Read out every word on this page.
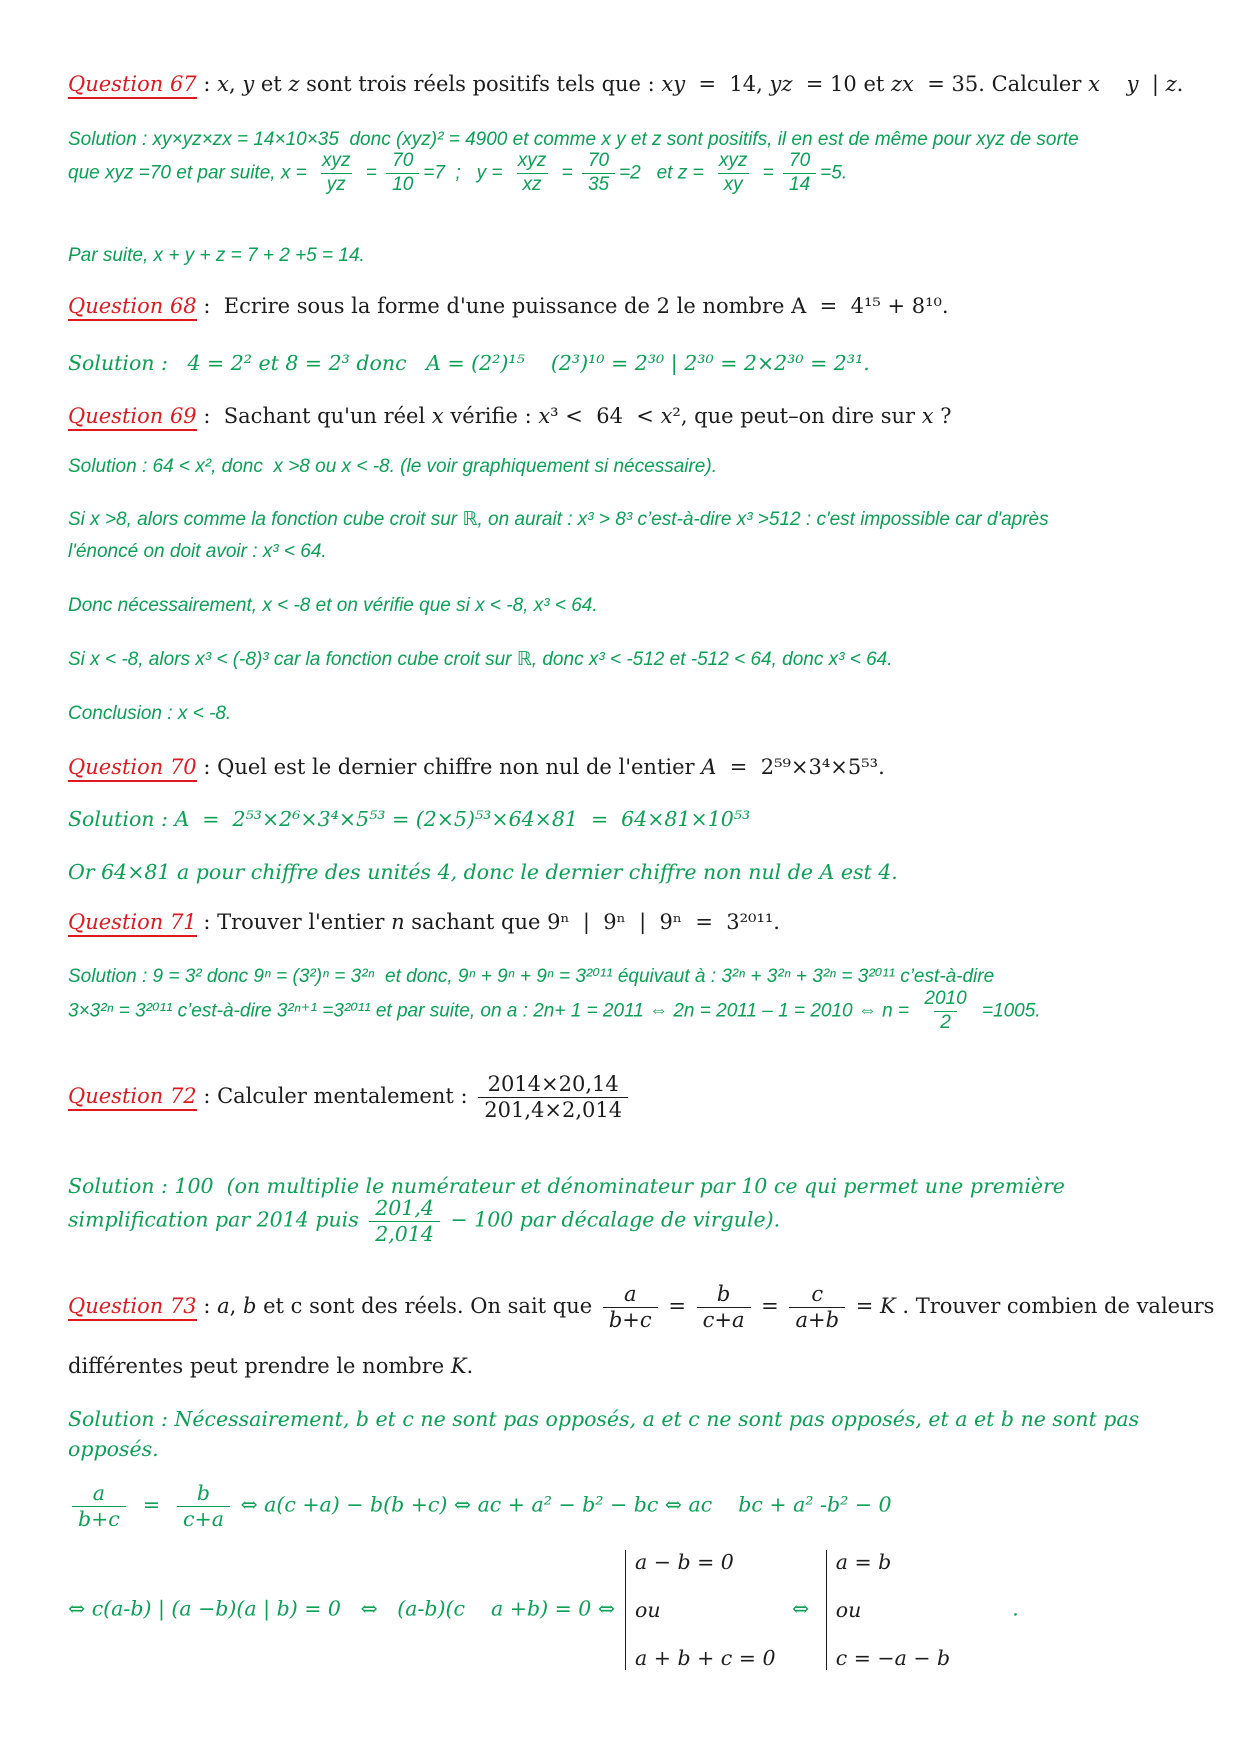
Question 67 : x, y et z sont trois réels positifs tels que : xy  =  14, yz  = 10 et zx  = 35. Calculer x y  | z.
Solution : xy×yz×zx = 14×10×35  donc (xyz)² = 4900 et comme x y et z sont positifs, il en est de même pour xyz de sorte
que xyz =70 et par suite, $x = \frac{\text{xyz}}{yz} = \frac{70}{10} =7$  ;   $y = \frac{\text{xyz}}{xz} = \frac{70}{35} =2$   et $z = \frac{\text{xyz}}{xy} = \frac{70}{14} =5$.
Par suite, x + y + z = 7 + 2 +5 = 14.
Question 68 :  Ecrire sous la forme d'une puissance de 2 le nombre A  =  4¹⁵ + 8¹⁰.
Solution :   4 = 2² et 8 = 2³ donc   A = (2²)¹⁵    (2³)¹⁰ = 2³⁰ | 2³⁰ = 2×2³⁰ = 2³¹.
Question 69 :  Sachant qu'un réel x vérifie : x³ <  64  < x², que peut–on dire sur x ?
Solution : 64 < x², donc  x >8 ou x < -8. (le voir graphiquement si nécessaire).
Si x >8, alors comme la fonction cube croit sur ℝ, on aurait : x³ > 8³ c’est-à-dire x³ >512 : c'est impossible car d'après
l'énoncé on doit avoir : x³ < 64.
Donc nécessairement, x < -8 et on vérifie que si x < -8, x³ < 64.
Si x < -8, alors x³ < (-8)³ car la fonction cube croit sur ℝ, donc x³ < -512 et -512 < 64, donc x³ < 64.
Conclusion : x < -8.
Question 70 : Quel est le dernier chiffre non nul de l'entier A  =  2⁵⁹×3⁴×5⁵³.
Solution : A  =  2⁵³×2⁶×3⁴×5⁵³ = (2×5)⁵³×64×81  =  64×81×10⁵³
Or 64×81 a pour chiffre des unités 4, donc le dernier chiffre non nul de A est 4.
Question 71 : Trouver l'entier n sachant que 9ⁿ  |  9ⁿ  |  9ⁿ  =  3²⁰¹¹.
Solution : 9 = 3² donc 9ⁿ = (3²)ⁿ = 3²ⁿ  et donc, 9ⁿ + 9ⁿ + 9ⁿ = 3²⁰¹¹ équivaut à : 3²ⁿ + 3²ⁿ + 3²ⁿ = 3²⁰¹¹ c’est-à-dire
3×3²ⁿ = 3²⁰¹¹ c’est-à-dire 3²ⁿ⁺¹ =3²⁰¹¹ et par suite, on a : 2n+ 1 = 2011 ⇔ 2n = 2011 – 1 = 2010 ⇔ $n = \frac{2010}{2} =1005$.
Question 72 : Calculer mentalement : $\frac{2014\times 20,14}{201,4\times 2,014}$
Solution : 100  (on multiplie le numérateur et dénominateur par 10 ce qui permet une première
simplification par 2014 puis $\frac{201,4}{2,014} - 100$ par décalage de virgule).
Question 73 : a, b et c sont des réels. On sait que $\frac{a}{b+c} = \frac{b}{c+a} = \frac{c}{a+b} = K$ . Trouver combien de valeurs
différentes peut prendre le nombre K.
Solution : Nécessairement, b et c ne sont pas opposés, a et c ne sont pas opposés, et a et b ne sont pas
opposés.
$\frac{a}{b+c} = \frac{b}{c+a}$ ⇔ a(c +a) − b(b +c) ⇔ ac + a² − b² − bc ⇔ ac    bc + a² -b² − 0
⇔ c(a-b) | (a −b)(a | b) = 0   ⇔   (a-b)(c    a +b) = 0 ⇔
a − b = 0
ou
a + b + c = 0
⇔
a = b
ou
c = −a − b
.
